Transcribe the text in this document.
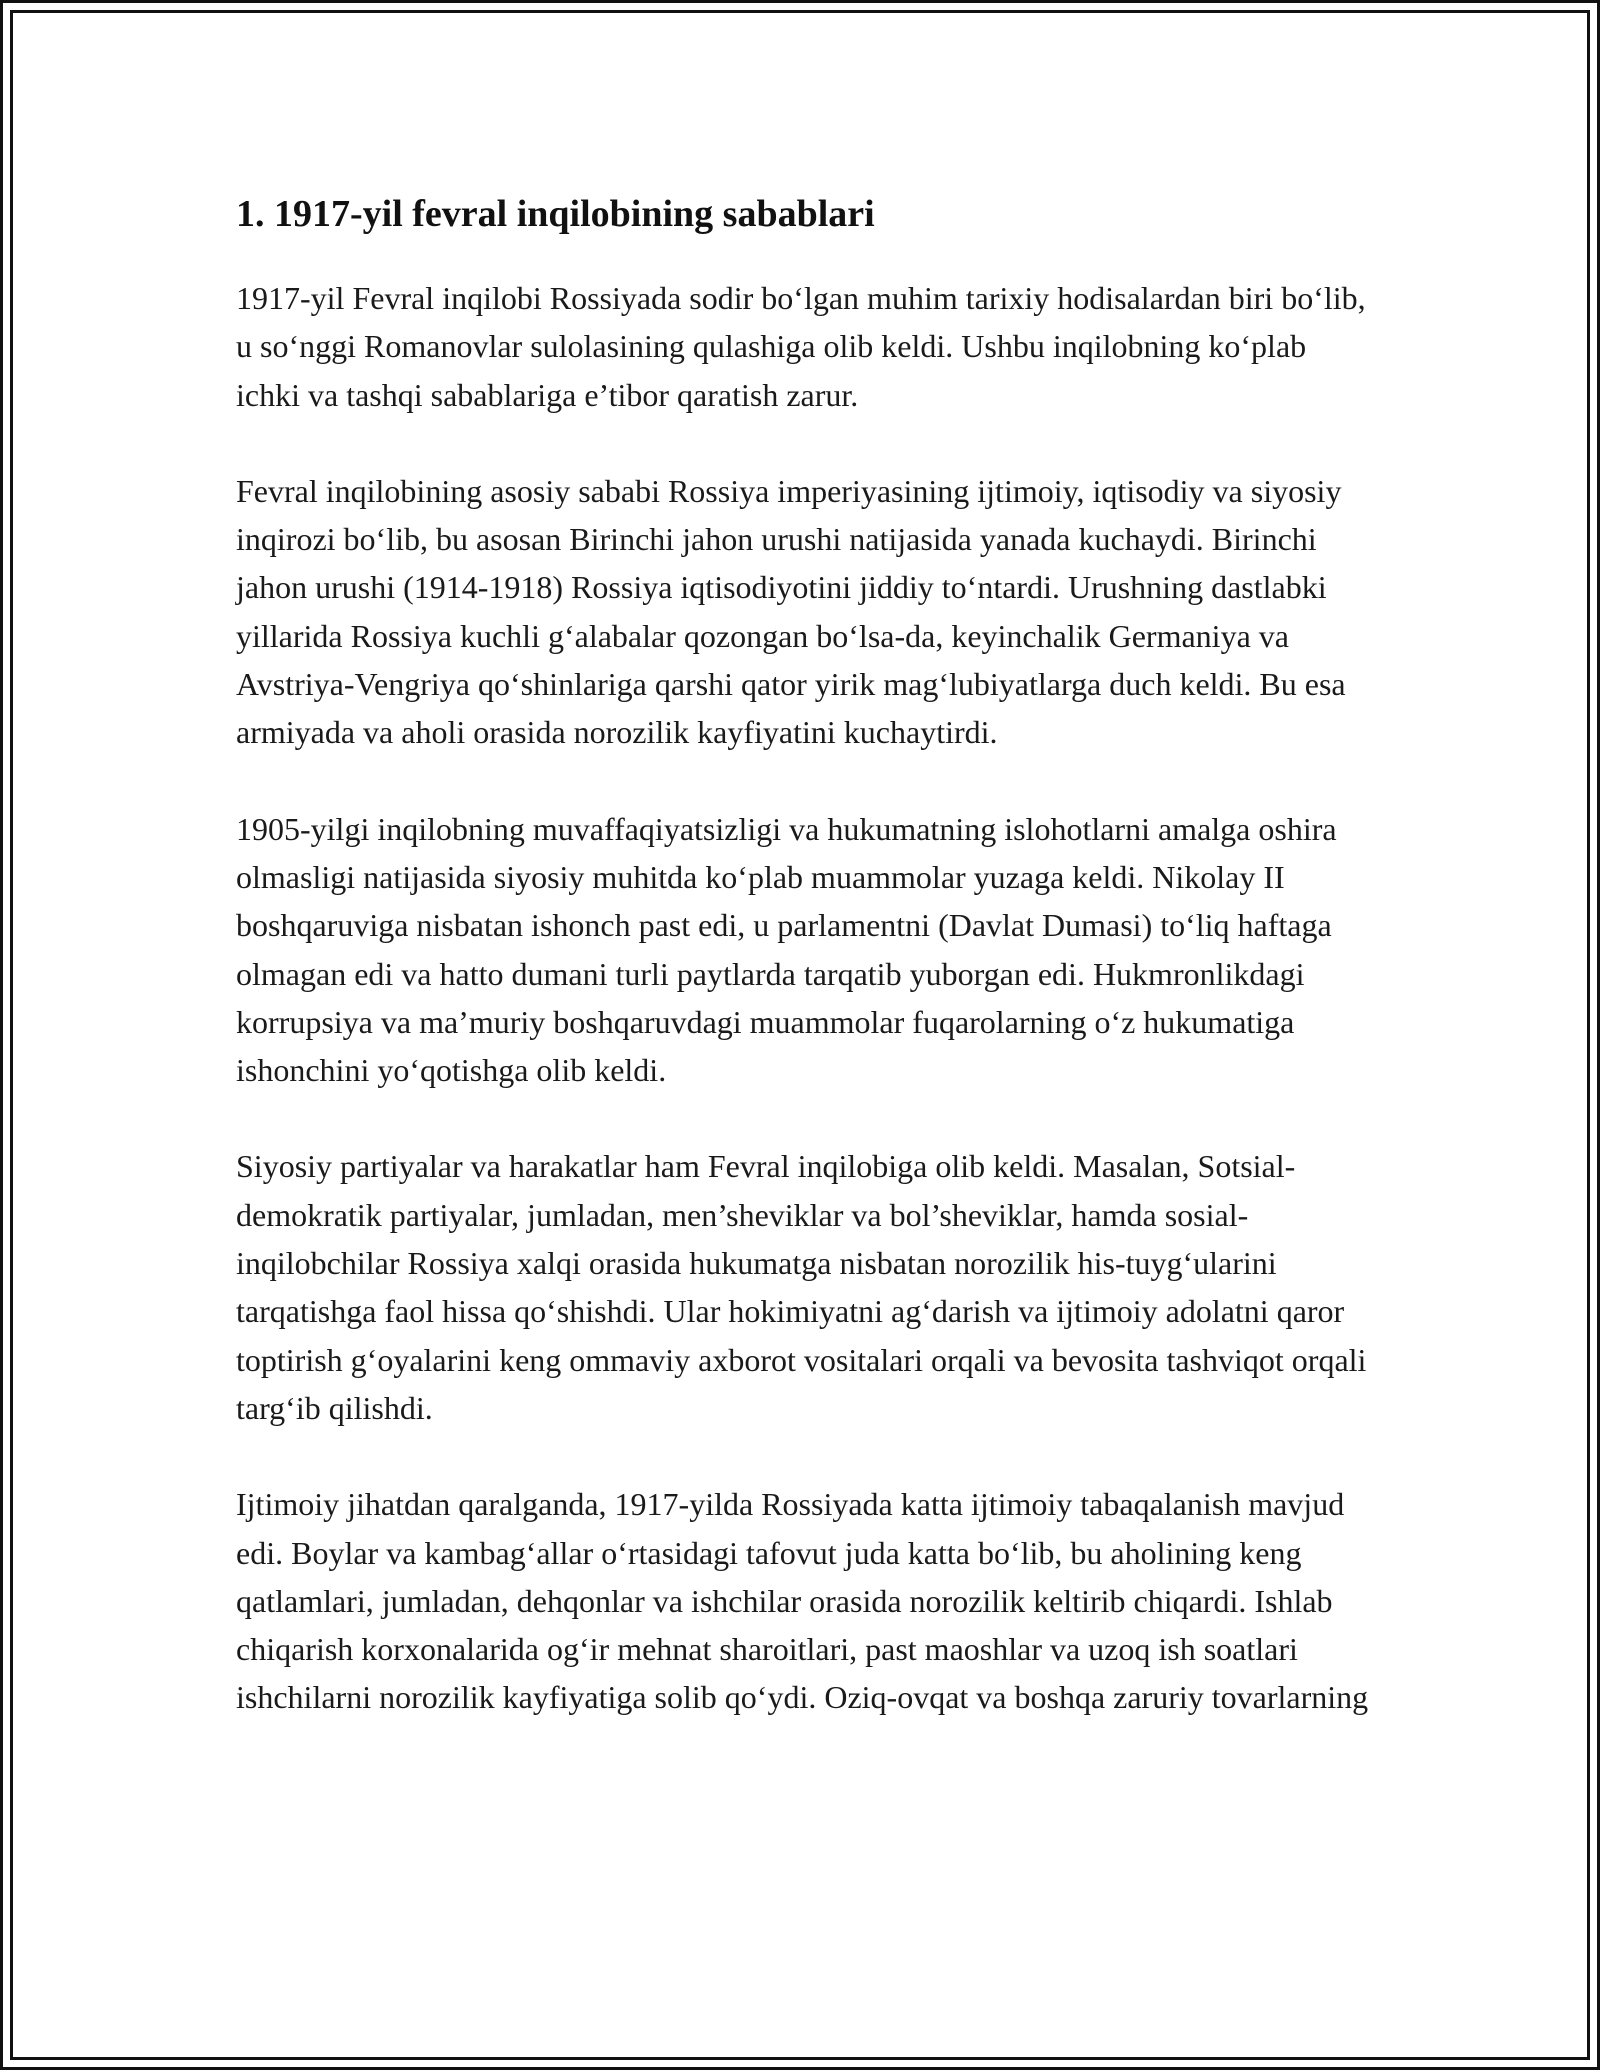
1. 1917-yil fevral inqilobining sabablari

1917-yil Fevral inqilobi Rossiyada sodir bo‘lgan muhim tarixiy hodisalardan biri bo‘lib, u so‘nggi Romanovlar sulolasining qulashiga olib keldi. Ushbu inqilobning ko‘plab ichki va tashqi sabablariga e’tibor qaratish zarur.

Fevral inqilobining asosiy sababi Rossiya imperiyasining ijtimoiy, iqtisodiy va siyosiy inqirozi bo‘lib, bu asosan Birinchi jahon urushi natijasida yanada kuchaydi. Birinchi jahon urushi (1914-1918) Rossiya iqtisodiyotini jiddiy to‘ntardi. Urushning dastlabki yillarida Rossiya kuchli g‘alabalar qozongan bo‘lsa-da, keyinchalik Germaniya va Avstriya-Vengriya qo‘shinlariga qarshi qator yirik mag‘lubiyatlarga duch keldi. Bu esa armiyada va aholi orasida norozilik kayfiyatini kuchaytirdi.

1905-yilgi inqilobning muvaffaqiyatsizligi va hukumatning islohotlarni amalga oshira olmasligi natijasida siyosiy muhitda ko‘plab muammolar yuzaga keldi. Nikolay II boshqaruviga nisbatan ishonch past edi, u parlamentni (Davlat Dumasi) to‘liq haftaga olmagan edi va hatto dumani turli paytlarda tarqatib yuborgan edi. Hukmronlikdagi korrupsiya va ma’muriy boshqaruvdagi muammolar fuqarolarning o‘z hukumatiga ishonchini yo‘qotishga olib keldi.

Siyosiy partiyalar va harakatlar ham Fevral inqilobiga olib keldi. Masalan, Sotsial-demokratik partiyalar, jumladan, men’sheviklar va bol’sheviklar, hamda sosial-inqilobchilar Rossiya xalqi orasida hukumatga nisbatan norozilik his-tuyg‘ularini tarqatishga faol hissa qo‘shishdi. Ular hokimiyatni ag‘darish va ijtimoiy adolatni qaror toptirish g‘oyalarini keng ommaviy axborot vositalari orqali va bevosita tashviqot orqali targ‘ib qilishdi.

Ijtimoiy jihatdan qaralganda, 1917-yilda Rossiyada katta ijtimoiy tabaqalanish mavjud edi. Boylar va kambag‘allar o‘rtasidagi tafovut juda katta bo‘lib, bu aholining keng qatlamlari, jumladan, dehqonlar va ishchilar orasida norozilik keltirib chiqardi. Ishlab chiqarish korxonalarida og‘ir mehnat sharoitlari, past maoshlar va uzoq ish soatlari ishchilarni norozilik kayfiyatiga solib qo‘ydi. Oziq-ovqat va boshqa zaruriy tovarlarning
